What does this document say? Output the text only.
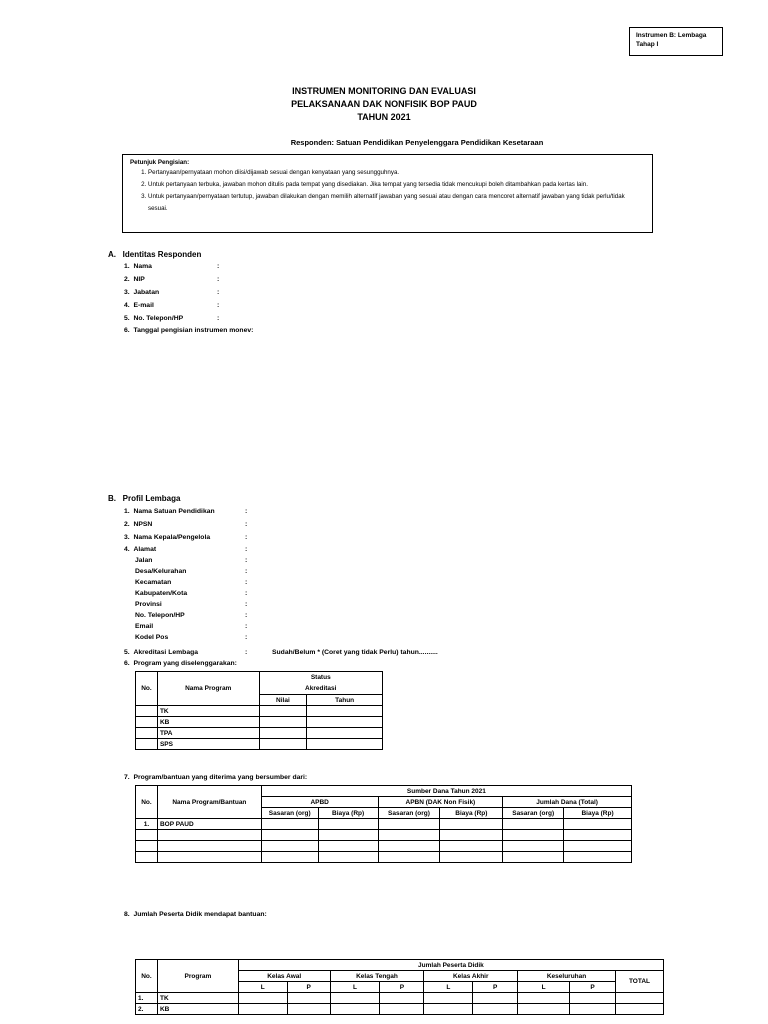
Instrumen B: Lembaga
Tahap I
INSTRUMEN MONITORING DAN EVALUASI
PELAKSANAAN DAK NONFISIK BOP PAUD
TAHUN 2021
Responden: Satuan Pendidikan Penyelenggara Pendidikan Kesetaraan
Petunjuk Pengisian:
1. Pertanyaan/pernyataan mohon diisi/dijawab sesuai dengan kenyataan yang sesungguhnya.
2. Untuk pertanyaan terbuka, jawaban mohon ditulis pada tempat yang disediakan. Jika tempat yang tersedia tidak mencukupi boleh ditambahkan pada kertas lain.
3. Untuk pertanyaan/pernyataan tertutup, jawaban dilakukan dengan memilih alternatif jawaban yang sesuai atau dengan cara mencoret alternatif jawaban yang tidak perlu/tidak sesuai.
A.   Identitas Responden
1.  Nama	:
2.  NIP	:
3.  Jabatan	:
4.  E-mail	:
5.  No. Telepon/HP	:
6.  Tanggal pengisian instrumen monev:
B.   Profil Lembaga
1.  Nama Satuan Pendidikan	:
2.  NPSN	:
3.  Nama Kepala/Pengelola	:
4.  Alamat	:
Jalan	:
Desa/Kelurahan	:
Kecamatan	:
Kabupaten/Kota	:
Provinsi	:
No. Telepon/HP	:
Email	:
Kodel Pos	:
5.  Akreditasi Lembaga	:	Sudah/Belum * (Coret yang tidak Perlu) tahun..........
6.  Program yang diselenggarakan:
No.	Nama Program	Status	
		Akreditasi	
		Nilai	Tahun
	TK		
	KB		
	TPA		
	SPS		
7.  Program/bantuan yang diterima yang bersumber dari:
No.	Nama Program/Bantuan	Sumber Dana Tahun 2021					
		APBD		APBN (DAK Non Fisik)		Jumlah Dana (Total)	
		Sasaran (org)	Biaya (Rp)	Sasaran (org)	Biaya (Rp)	Sasaran (org)	Biaya (Rp)
1.	BOP PAUD						

8.  Jumlah Peserta Didik mendapat bantuan:
No.	Program	Jumlah Peserta Didik								
		Kelas Awal		Kelas Tengah		Kelas Akhir		Keseluruhan		TOTAL
		L	P	L	P	L	P	L	P	
1.	TK									
2.	KB									
